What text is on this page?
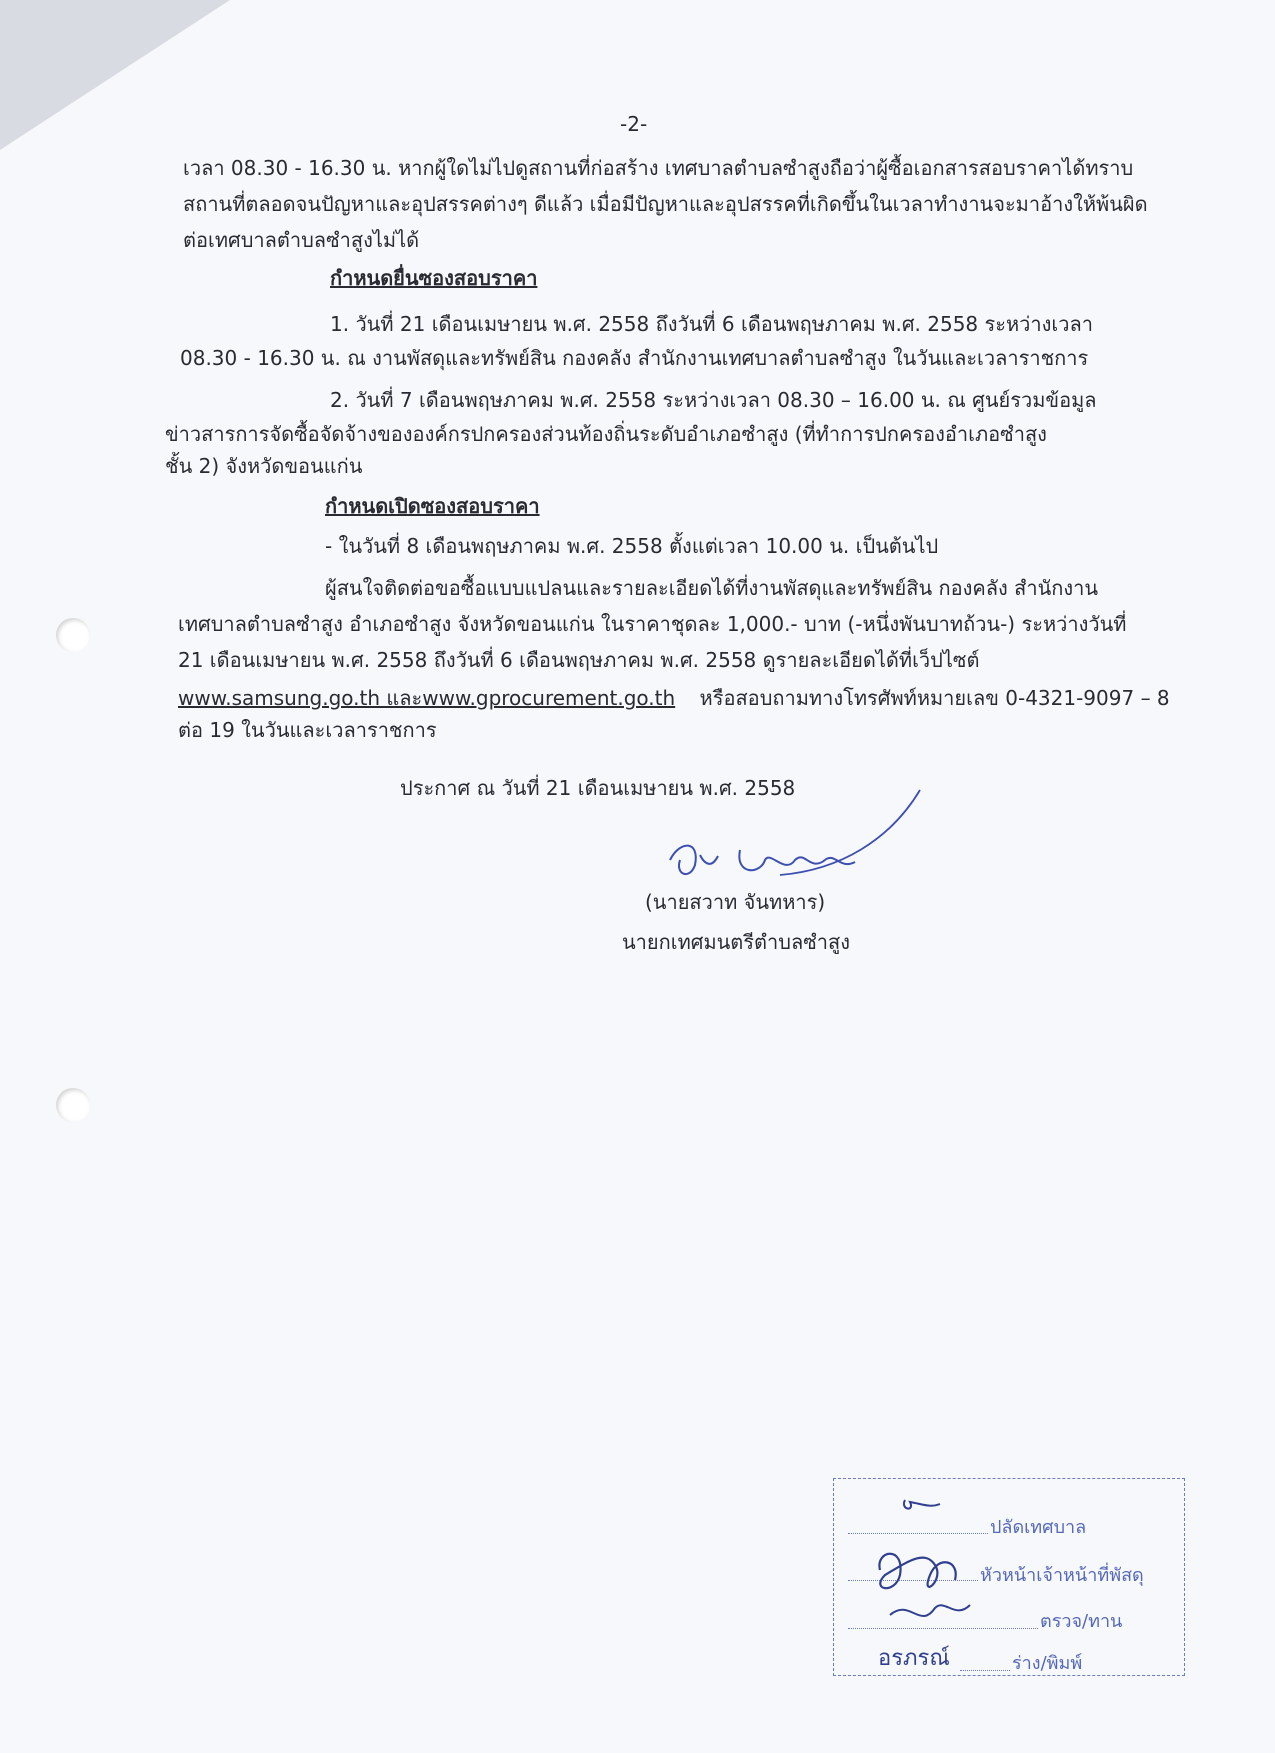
-2-
เวลา 08.30 - 16.30 น. หากผู้ใดไม่ไปดูสถานที่ก่อสร้าง เทศบาลตำบลซำสูงถือว่าผู้ซื้อเอกสารสอบราคาได้ทราบ
สถานที่ตลอดจนปัญหาและอุปสรรคต่างๆ ดีแล้ว เมื่อมีปัญหาและอุปสรรคที่เกิดขึ้นในเวลาทำงานจะมาอ้างให้พ้นผิด
ต่อเทศบาลตำบลซำสูงไม่ได้
กำหนดยื่นซองสอบราคา
1. วันที่ 21 เดือนเมษายน พ.ศ. 2558 ถึงวันที่ 6 เดือนพฤษภาคม พ.ศ. 2558 ระหว่างเวลา
08.30 - 16.30 น. ณ งานพัสดุและทรัพย์สิน กองคลัง สำนักงานเทศบาลตำบลซำสูง ในวันและเวลาราชการ
2. วันที่ 7 เดือนพฤษภาคม พ.ศ. 2558 ระหว่างเวลา 08.30 – 16.00 น. ณ ศูนย์รวมข้อมูล
ข่าวสารการจัดซื้อจัดจ้างขององค์กรปกครองส่วนท้องถิ่นระดับอำเภอซำสูง (ที่ทำการปกครองอำเภอซำสูง
ชั้น 2) จังหวัดขอนแก่น
กำหนดเปิดซองสอบราคา
- ในวันที่ 8 เดือนพฤษภาคม พ.ศ. 2558 ตั้งแต่เวลา 10.00 น. เป็นต้นไป
ผู้สนใจติดต่อขอซื้อแบบแปลนและรายละเอียดได้ที่งานพัสดุและทรัพย์สิน กองคลัง สำนักงาน
เทศบาลตำบลซำสูง อำเภอซำสูง จังหวัดขอนแก่น ในราคาชุดละ 1,000.- บาท (-หนึ่งพันบาทถ้วน-) ระหว่างวันที่
21 เดือนเมษายน พ.ศ. 2558 ถึงวันที่ 6 เดือนพฤษภาคม พ.ศ. 2558 ดูรายละเอียดได้ที่เว็ปไซต์
www.samsung.go.th และwww.gprocurement.go.th หรือสอบถามทางโทรศัพท์หมายเลข 0-4321-9097 – 8
ต่อ 19 ในวันและเวลาราชการ
ประกาศ ณ วันที่ 21 เดือนเมษายน พ.ศ. 2558
(นายสวาท จันทหาร)
นายกเทศมนตรีตำบลซำสูง
ปลัดเทศบาล
หัวหน้าเจ้าหน้าที่พัสดุ
ตรวจ/ทาน
อรภรณ์	ร่าง/พิมพ์
